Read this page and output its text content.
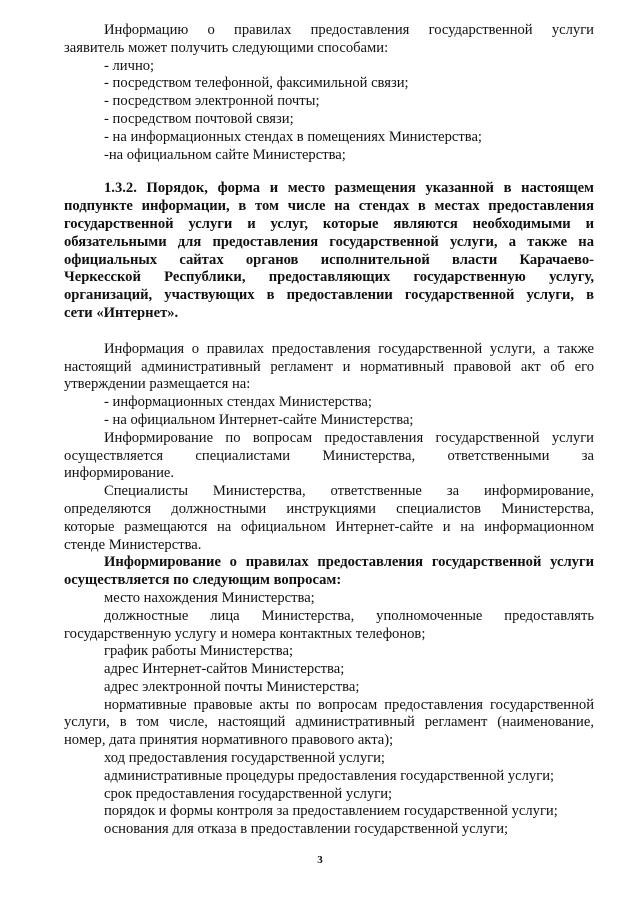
Информацию о правилах предоставления государственной услуги

заявитель может получить следующими способами:

- лично;

- посредством телефонной, факсимильной связи;

- посредством электронной почты;

- посредством почтовой связи;

- на информационных стендах в помещениях Министерства;

-на официальном сайте Министерства;

1.3.2. Порядок, форма и место размещения указанной в настоящем

подпункте информации, в том числе на стендах в местах предоставления

государственной услуги и услуг, которые являются необходимыми и

обязательными для предоставления государственной услуги, а также на

официальных сайтах органов исполнительной власти Карачаево-

Черкесской Республики, предоставляющих государственную услугу,

организаций, участвующих в предоставлении государственной услуги, в

сети «Интернет».

Информация о правилах предоставления государственной услуги, а также

настоящий административный регламент и нормативный правовой акт об его

утверждении размещается на:

- информационных стендах Министерства;

- на официальном Интернет-сайте Министерства;

Информирование по вопросам предоставления государственной услуги

осуществляется специалистами Министерства, ответственными за

информирование.

Специалисты Министерства, ответственные за информирование,

определяются должностными инструкциями специалистов Министерства,

которые размещаются на официальном Интернет-сайте и на информационном

стенде Министерства.

Информирование о правилах предоставления государственной услуги

осуществляется по следующим вопросам:

место нахождения Министерства;

должностные лица Министерства, уполномоченные предоставлять

государственную услугу и номера контактных телефонов;

график работы Министерства;

адрес Интернет-сайтов Министерства;

адрес электронной почты Министерства;

нормативные правовые акты по вопросам предоставления государственной

услуги, в том числе, настоящий административный регламент (наименование,

номер, дата принятия нормативного правового акта);

ход предоставления государственной услуги;

административные процедуры предоставления государственной услуги;

срок предоставления государственной услуги;

порядок и формы контроля за предоставлением государственной услуги;

основания для отказа в предоставлении государственной услуги;

3
